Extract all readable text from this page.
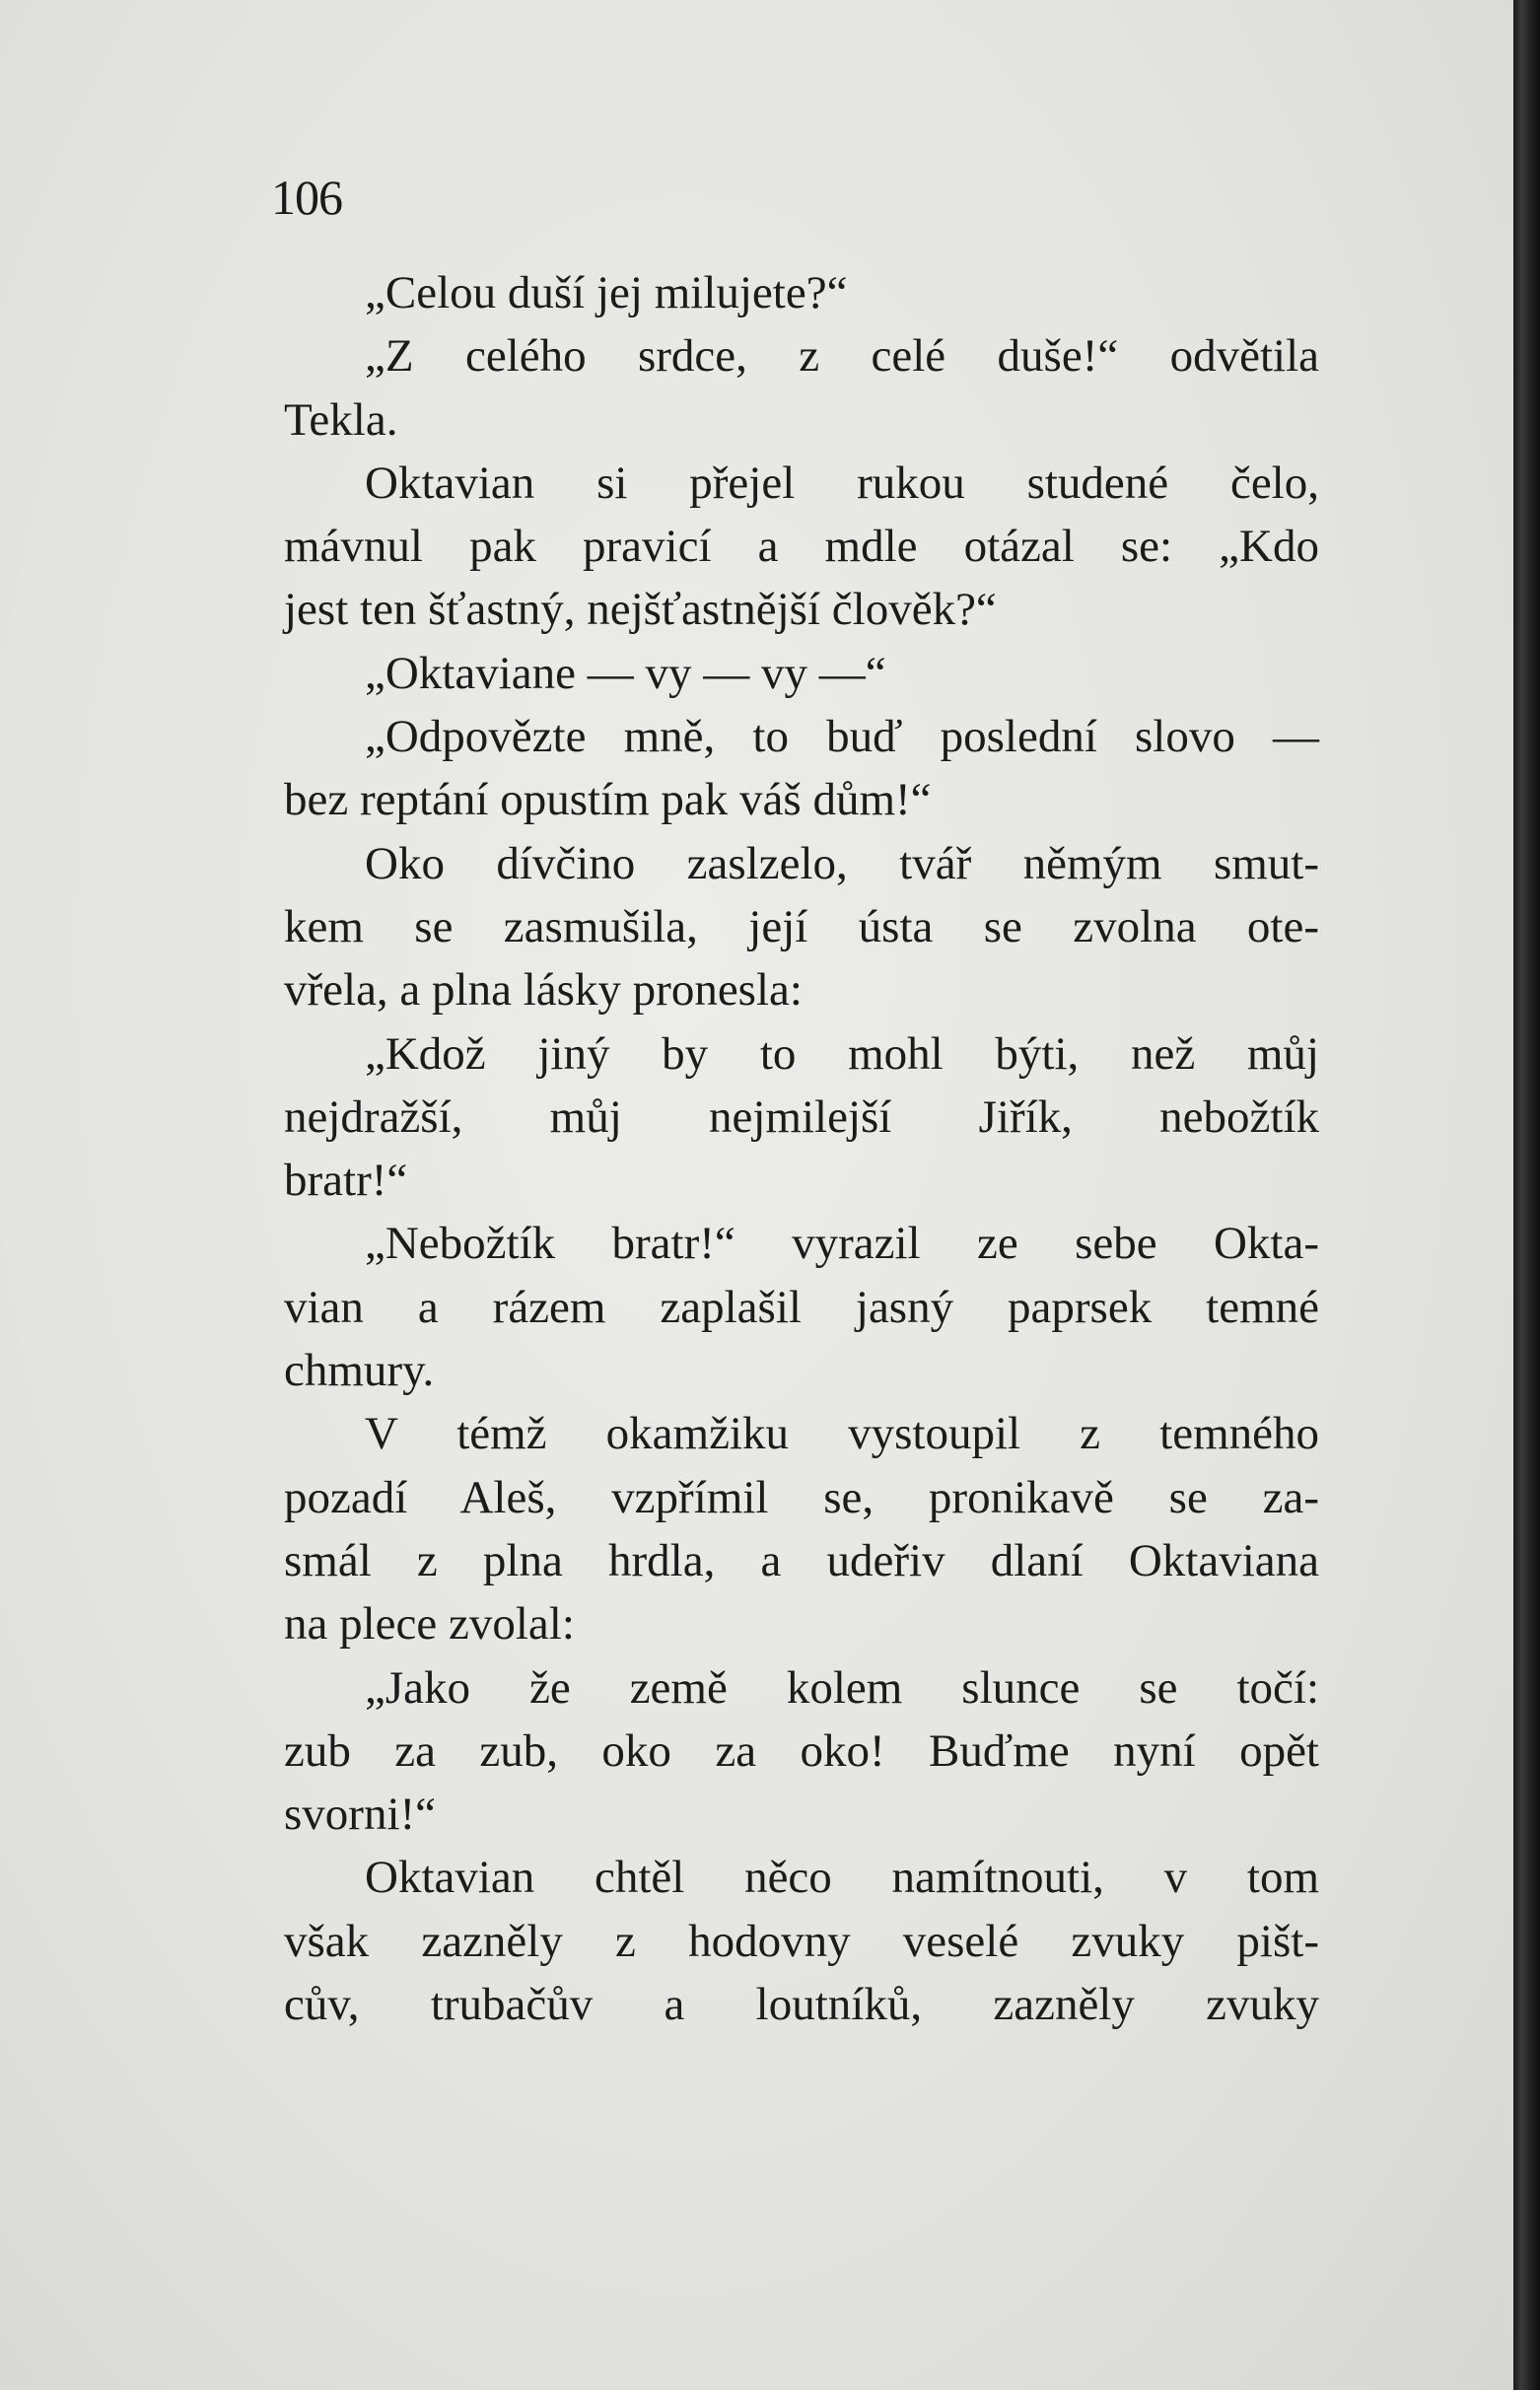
106
„Celou duší jej milujete?“
„Z celého srdce, z celé duše!“ odvětila
Tekla.
Oktavian si přejel rukou studené čelo,
mávnul pak pravicí a mdle otázal se: „Kdo
jest ten šťastný, nejšťastnější člověk?“
„Oktaviane — vy — vy —“
„Odpovězte mně, to buď poslední slovo —
bez reptání opustím pak váš dům!“
Oko dívčino zaslzelo, tvář němým smut-
kem se zasmušila, její ústa se zvolna ote-
vřela, a plna lásky pronesla:
„Kdož jiný by to mohl býti, než můj
nejdražší, můj nejmilejší Jiřík, nebožtík
bratr!“
„Nebožtík bratr!“ vyrazil ze sebe Okta-
vian a rázem zaplašil jasný paprsek temné
chmury.
V témž okamžiku vystoupil z temného
pozadí Aleš, vzpřímil se, pronikavě se za-
smál z plna hrdla, a udeřiv dlaní Oktaviana
na plece zvolal:
„Jako že země kolem slunce se točí:
zub za zub, oko za oko! Buďme nyní opět
svorni!“
Oktavian chtěl něco namítnouti, v tom
však zazněly z hodovny veselé zvuky pišt-
cův, trubačův a loutníků, zazněly zvuky
